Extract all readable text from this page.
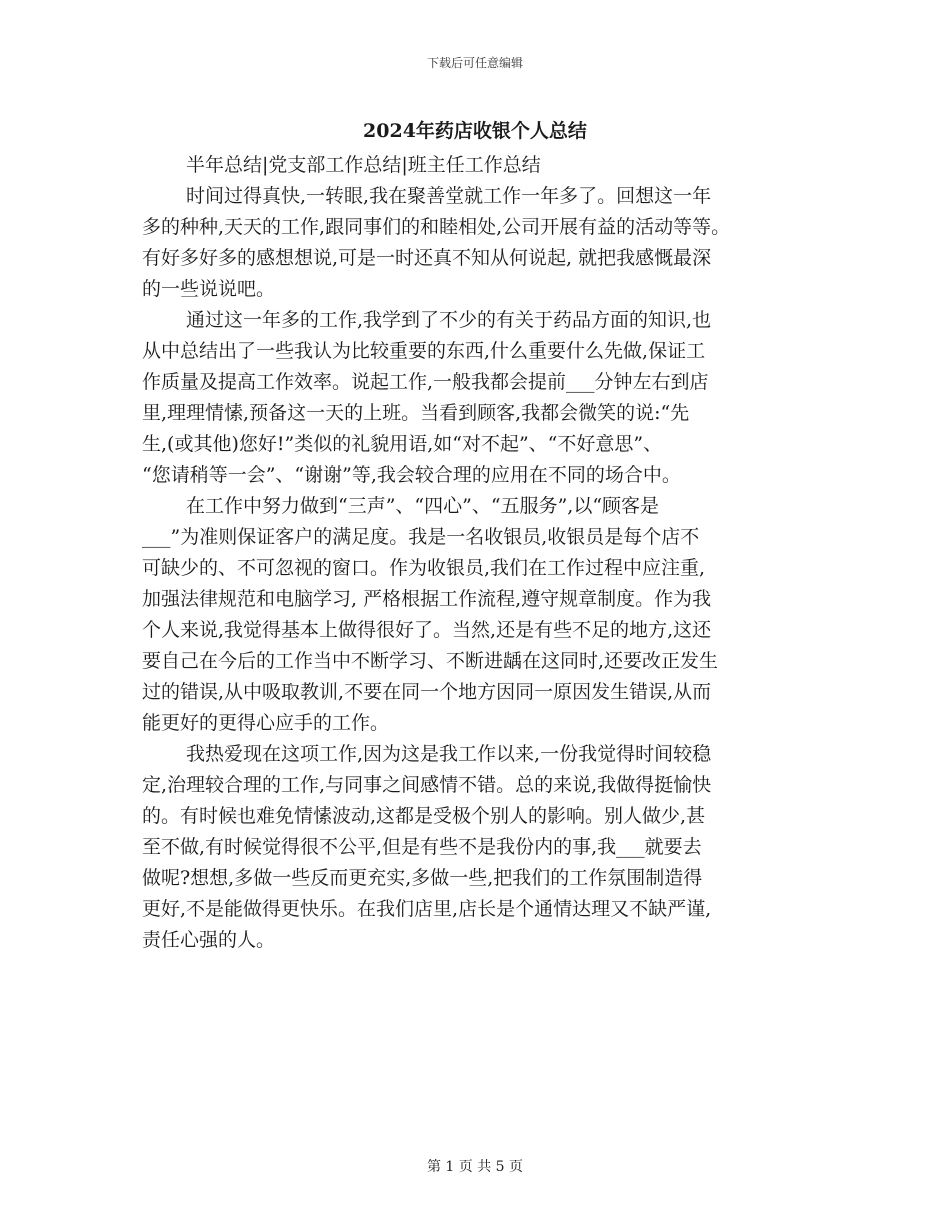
下载后可任意编辑
2024年药店收银个人总结
半年总结|党支部工作总结|班主任工作总结
时间过得真快,一转眼,我在聚善堂就工作一年多了。回想这一年
多的种种,天天的工作,跟同事们的和睦相处,公司开展有益的活动等等。
有好多好多的感想想说,可是一时还真不知从何说起, 就把我感慨最深
的一些说说吧。
通过这一年多的工作,我学到了不少的有关于药品方面的知识,也
从中总结出了一些我认为比较重要的东西,什么重要什么先做,保证工
作质量及提高工作效率。说起工作,一般我都会提前___分钟左右到店
里,理理情愫,预备这一天的上班。当看到顾客,我都会微笑的说:“先
生,(或其他)您好!”类似的礼貌用语,如“对不起”、“不好意思”、
“您请稍等一会”、“谢谢”等,我会较合理的应用在不同的场合中。
在工作中努力做到“三声”、“四心”、“五服务”,以“顾客是
___”为准则保证客户的满足度。我是一名收银员,收银员是每个店不
可缺少的、不可忽视的窗口。作为收银员,我们在工作过程中应注重,
加强法律规范和电脑学习, 严格根据工作流程,遵守规章制度。作为我
个人来说,我觉得基本上做得很好了。当然,还是有些不足的地方,这还
要自己在今后的工作当中不断学习、不断进龋在这同时,还要改正发生
过的错误,从中吸取教训,不要在同一个地方因同一原因发生错误,从而
能更好的更得心应手的工作。
我热爱现在这项工作,因为这是我工作以来,一份我觉得时间较稳
定,治理较合理的工作,与同事之间感情不错。总的来说,我做得挺愉快
的。有时候也难免情愫波动,这都是受极个别人的影响。别人做少,甚
至不做,有时候觉得很不公平,但是有些不是我份内的事,我___就要去
做呢?想想,多做一些反而更充实,多做一些,把我们的工作氛围制造得
更好,不是能做得更快乐。在我们店里,店长是个通情达理又不缺严谨,
责任心强的人。
第 1 页 共 5 页
